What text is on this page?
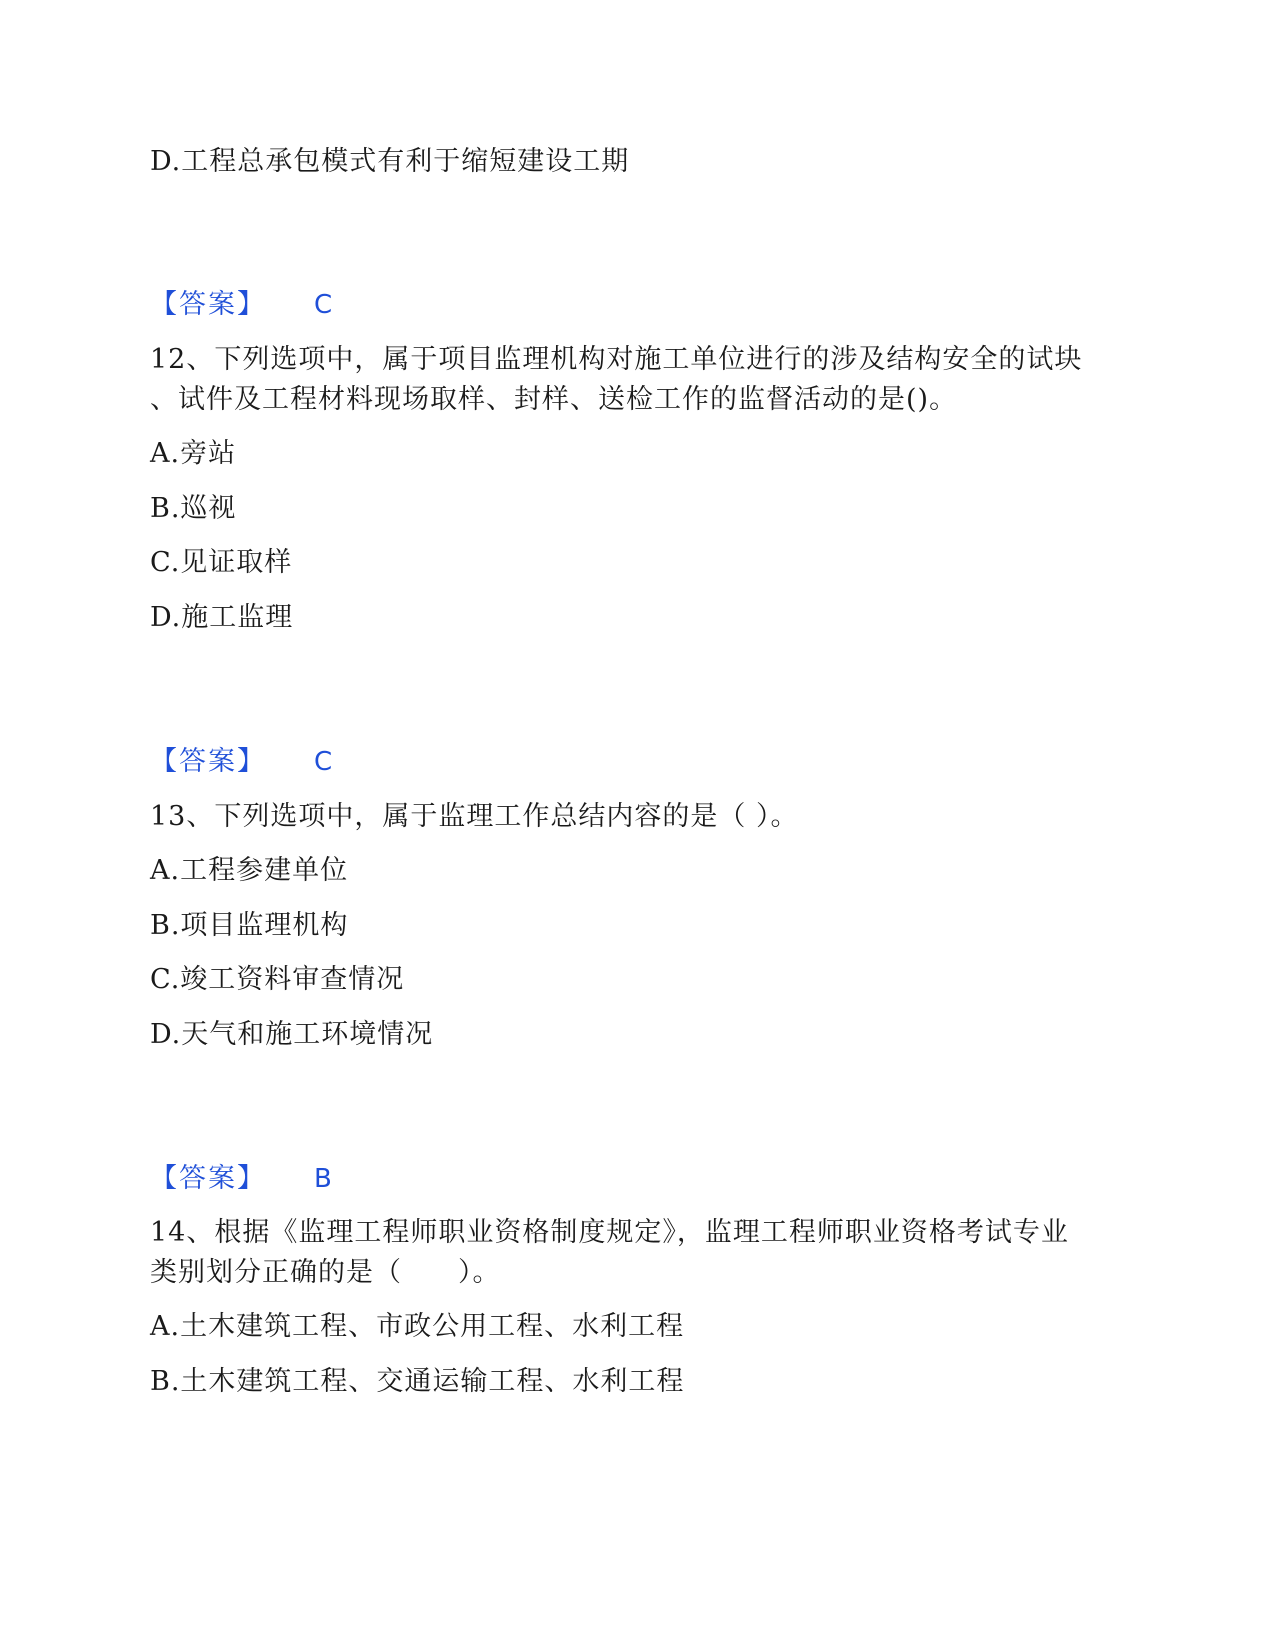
D.工程总承包模式有利于缩短建设工期
【答案】 C
12、下列选项中，属于项目监理机构对施工单位进行的涉及结构安全的试块
、试件及工程材料现场取样、封样、送检工作的监督活动的是()。
A.旁站
B.巡视
C.见证取样
D.施工监理
【答案】 C
13、下列选项中，属于监理工作总结内容的是（ ）。
A.工程参建单位
B.项目监理机构
C.竣工资料审查情况
D.天气和施工环境情况
【答案】 B
14、根据《监理工程师职业资格制度规定》，监理工程师职业资格考试专业
类别划分正确的是（　　）。
A.土木建筑工程、市政公用工程、水利工程
B.土木建筑工程、交通运输工程、水利工程
